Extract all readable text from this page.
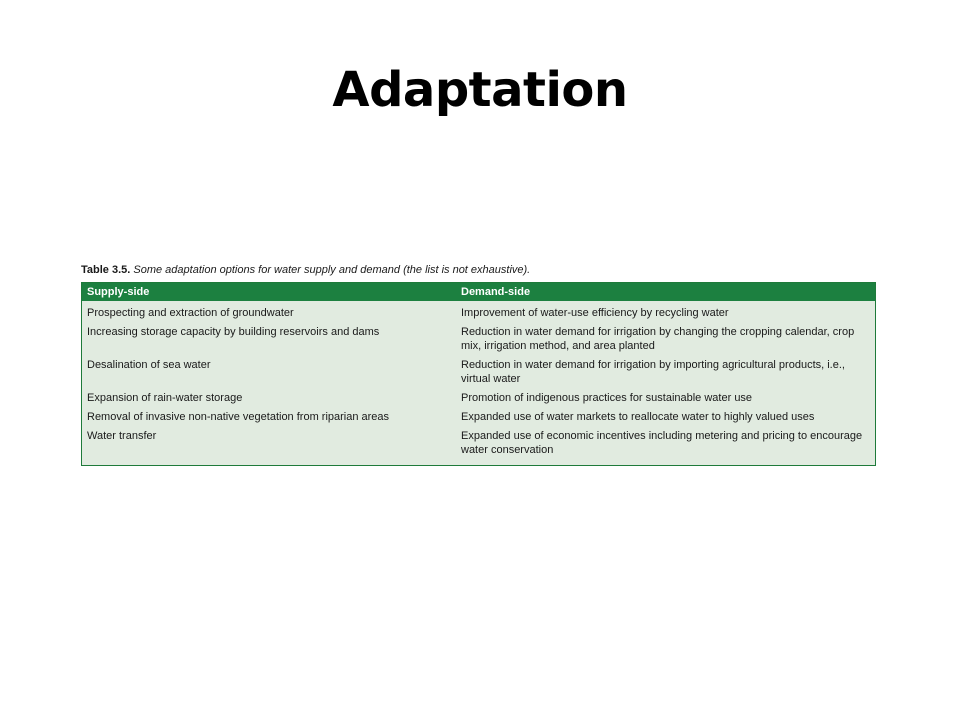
Adaptation
Table 3.5. Some adaptation options for water supply and demand (the list is not exhaustive).
Supply-side	Demand-side
Prospecting and extraction of groundwater	Improvement of water-use efficiency by recycling water
Increasing storage capacity by building reservoirs and dams	Reduction in water demand for irrigation by changing the cropping calendar, crop mix, irrigation method, and area planted
Desalination of sea water	Reduction in water demand for irrigation by importing agricultural products, i.e., virtual water
Expansion of rain-water storage	Promotion of indigenous practices for sustainable water use
Removal of invasive non-native vegetation from riparian areas	Expanded use of water markets to reallocate water to highly valued uses
Water transfer	Expanded use of economic incentives including metering and pricing to encourage water conservation
